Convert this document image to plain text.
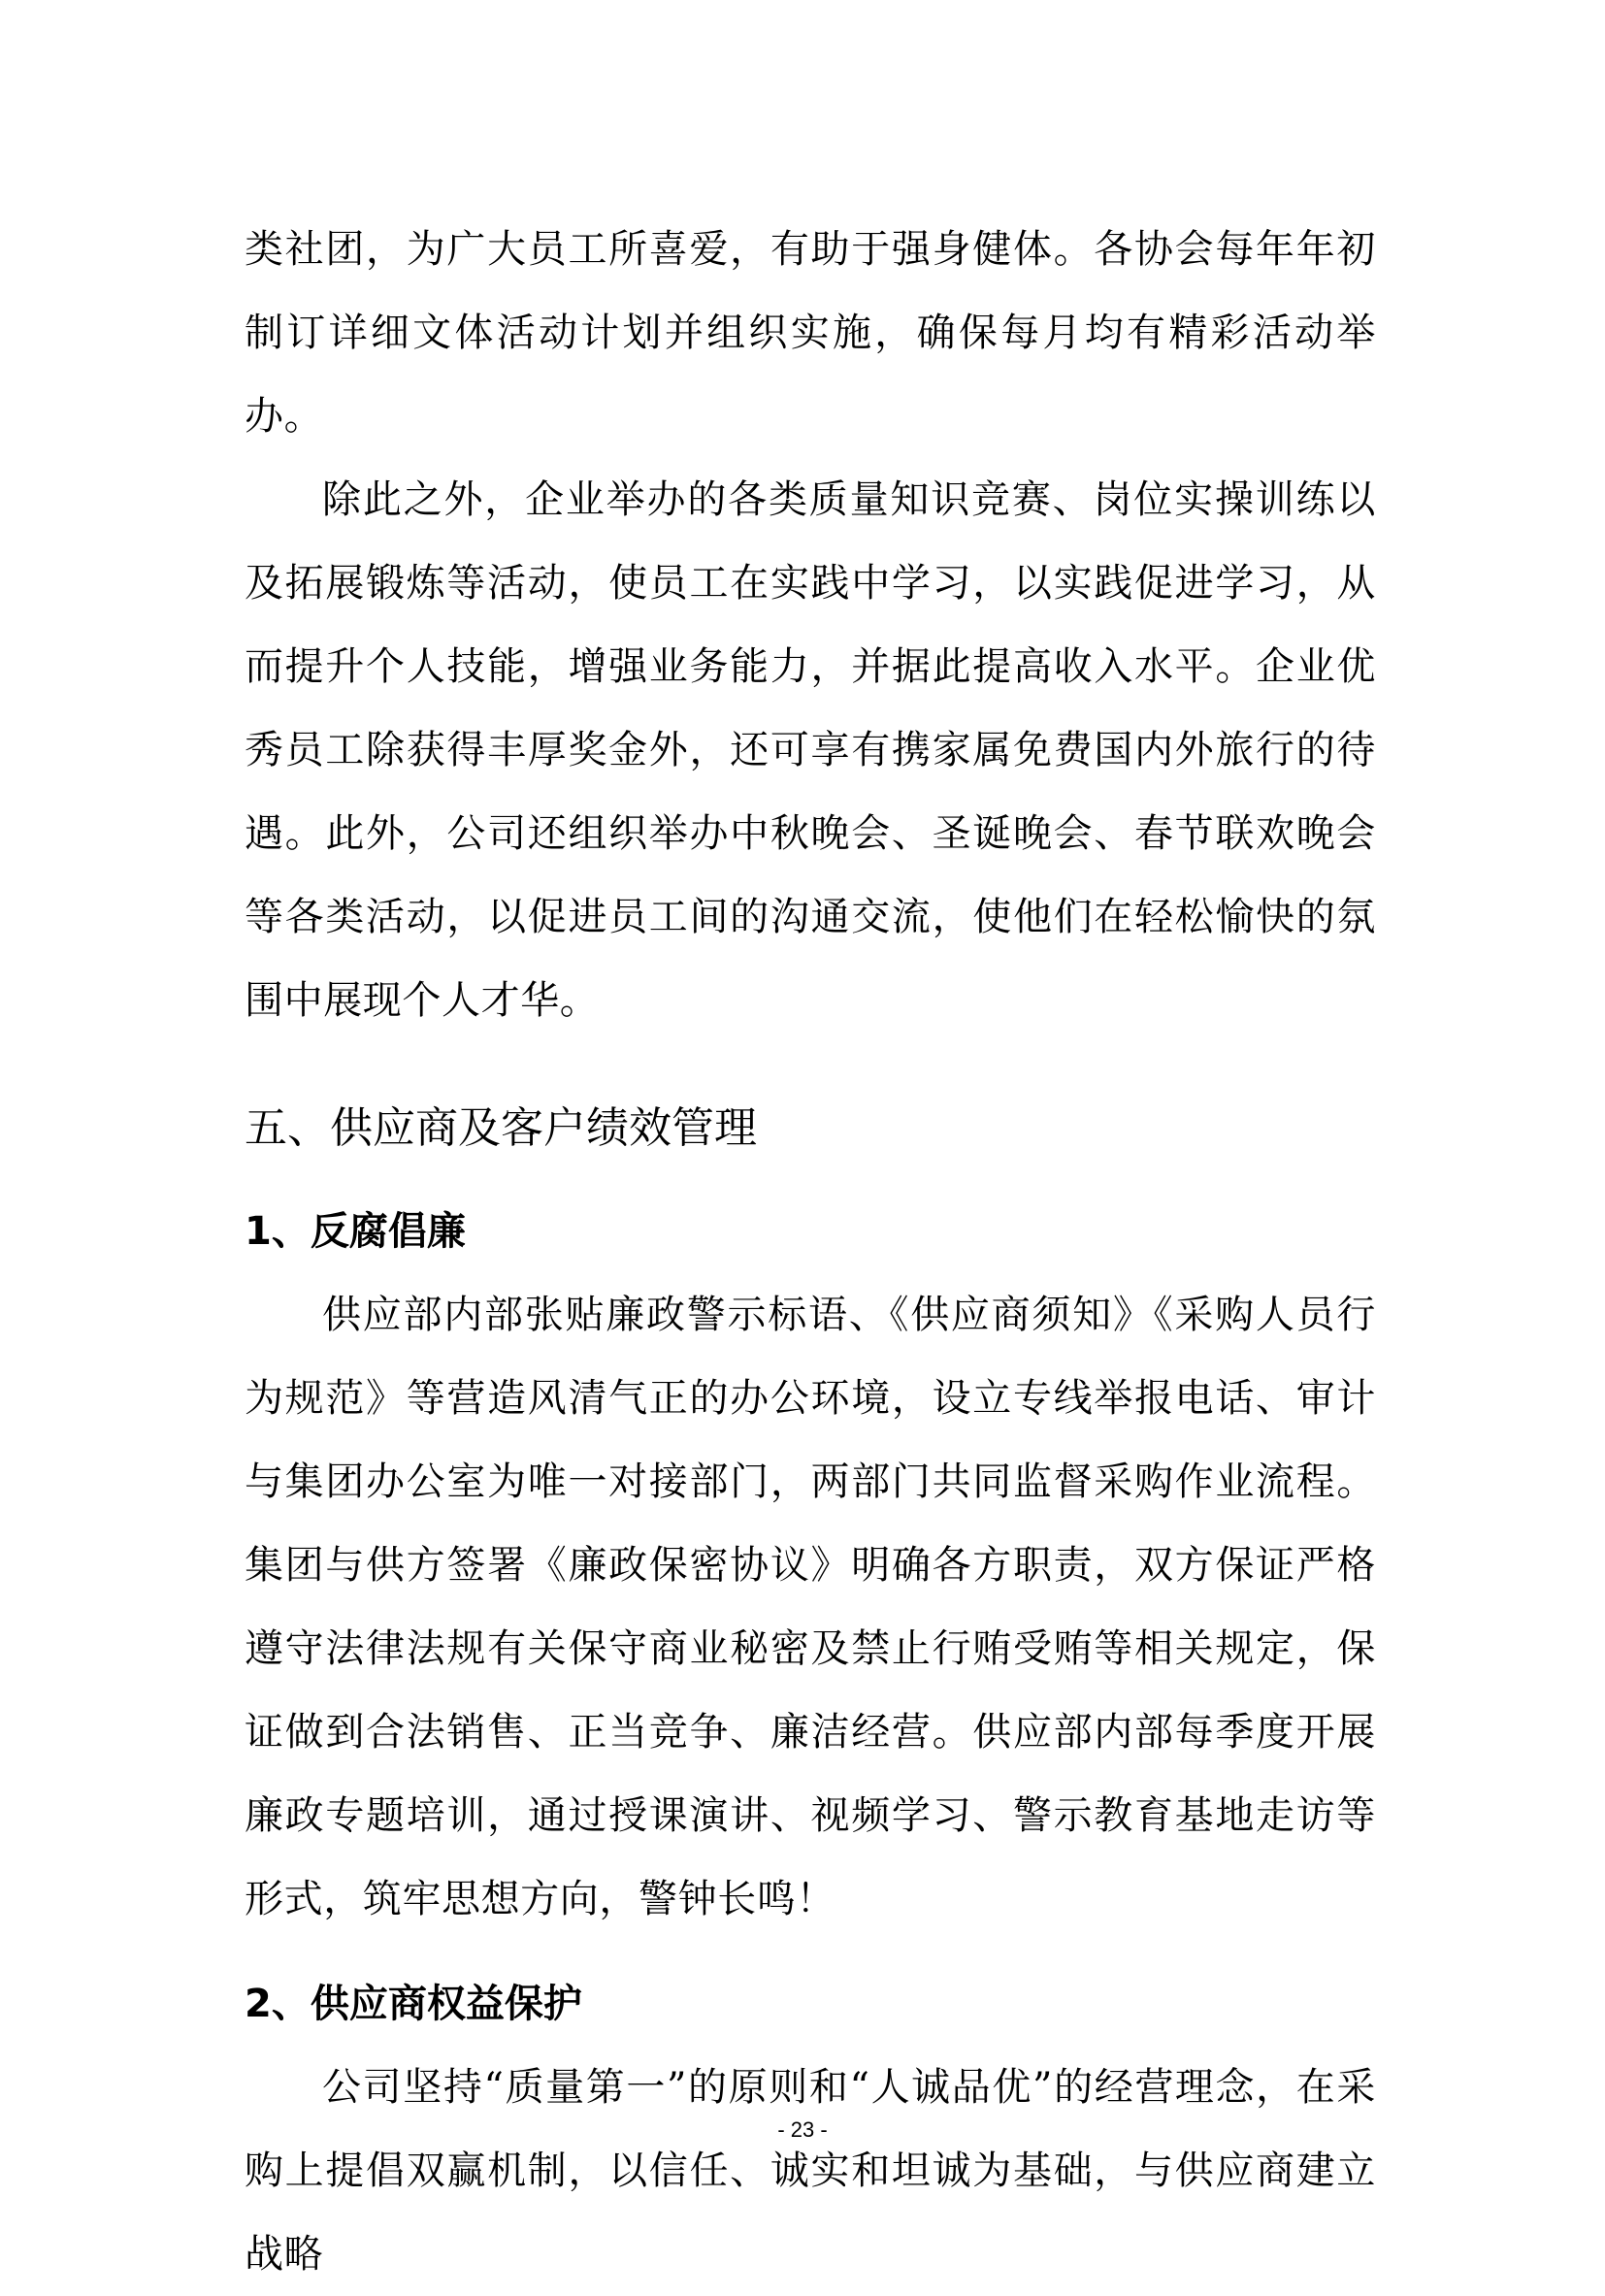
类社团，为广大员工所喜爱，有助于强身健体。各协会每年年初制订详细文体活动计划并组织实施，确保每月均有精彩活动举办。

除此之外，企业举办的各类质量知识竞赛、岗位实操训练以及拓展锻炼等活动，使员工在实践中学习，以实践促进学习，从而提升个人技能，增强业务能力，并据此提高收入水平。企业优秀员工除获得丰厚奖金外，还可享有携家属免费国内外旅行的待遇。此外，公司还组织举办中秋晚会、圣诞晚会、春节联欢晚会等各类活动，以促进员工间的沟通交流，使他们在轻松愉快的氛围中展现个人才华。

五、供应商及客户绩效管理
1、反腐倡廉

供应部内部张贴廉政警示标语、《供应商须知》《采购人员行为规范》等营造风清气正的办公环境，设立专线举报电话、审计与集团办公室为唯一对接部门，两部门共同监督采购作业流程。集团与供方签署《廉政保密协议》明确各方职责，双方保证严格遵守法律法规有关保守商业秘密及禁止行贿受贿等相关规定，保证做到合法销售、正当竞争、廉洁经营。供应部内部每季度开展廉政专题培训，通过授课演讲、视频学习、警示教育基地走访等形式，筑牢思想方向，警钟长鸣！

2、供应商权益保护

公司坚持“质量第一”的原则和“人诚品优”的经营理念，在采购上提倡双赢机制，以信任、诚实和坦诚为基础，与供应商建立战略

- 23 -
